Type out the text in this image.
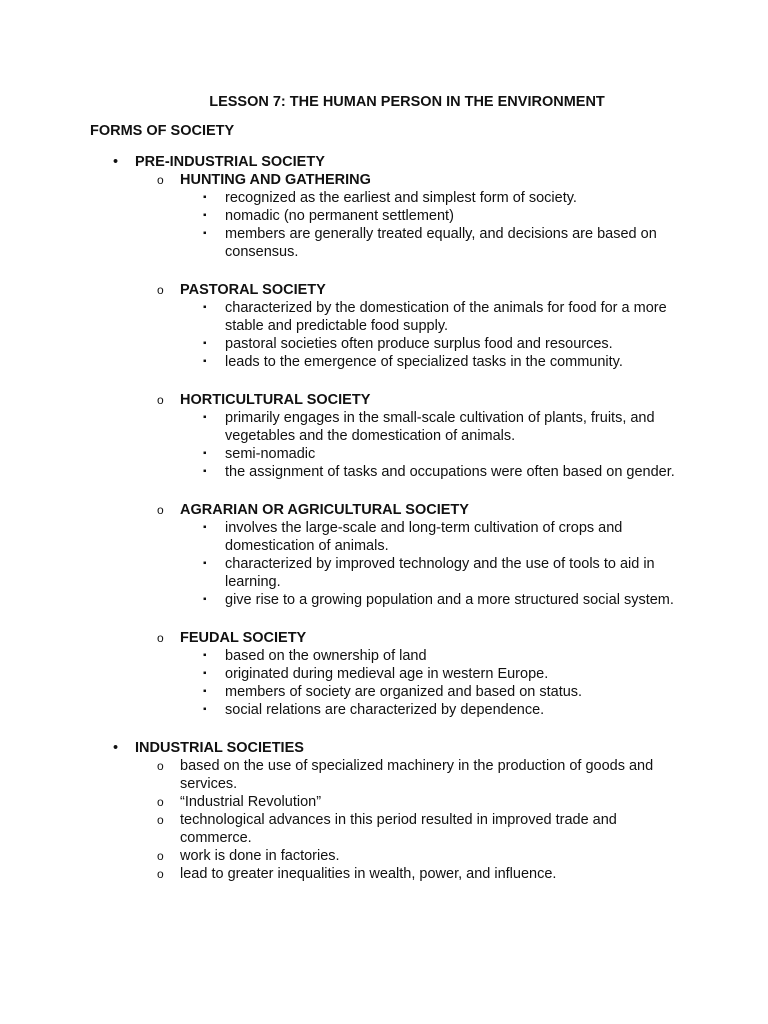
LESSON 7: THE HUMAN PERSON IN THE ENVIRONMENT
FORMS OF SOCIETY
• PRE-INDUSTRIAL SOCIETY
o HUNTING AND GATHERING
▪ recognized as the earliest and simplest form of society.
▪ nomadic (no permanent settlement)
▪ members are generally treated equally, and decisions are based on consensus.
o PASTORAL SOCIETY
▪ characterized by the domestication of the animals for food for a more stable and predictable food supply.
▪ pastoral societies often produce surplus food and resources.
▪ leads to the emergence of specialized tasks in the community.
o HORTICULTURAL SOCIETY
▪ primarily engages in the small-scale cultivation of plants, fruits, and vegetables and the domestication of animals.
▪ semi-nomadic
▪ the assignment of tasks and occupations were often based on gender.
o AGRARIAN OR AGRICULTURAL SOCIETY
▪ involves the large-scale and long-term cultivation of crops and domestication of animals.
▪ characterized by improved technology and the use of tools to aid in learning.
▪ give rise to a growing population and a more structured social system.
o FEUDAL SOCIETY
▪ based on the ownership of land
▪ originated during medieval age in western Europe.
▪ members of society are organized and based on status.
▪ social relations are characterized by dependence.
• INDUSTRIAL SOCIETIES
o based on the use of specialized machinery in the production of goods and services.
o “Industrial Revolution”
o technological advances in this period resulted in improved trade and commerce.
o work is done in factories.
o lead to greater inequalities in wealth, power, and influence.
